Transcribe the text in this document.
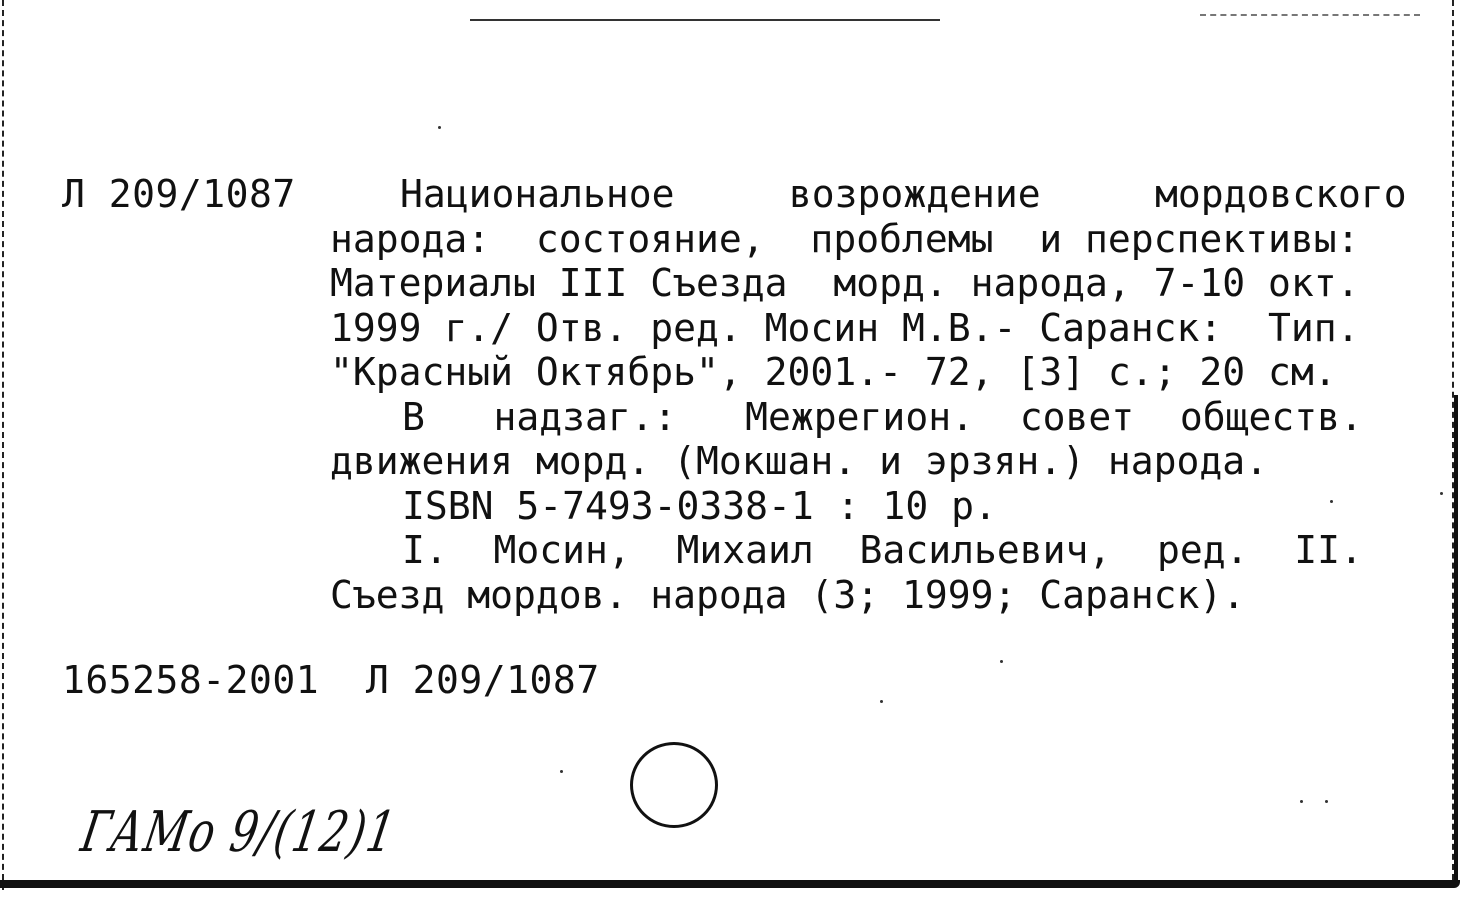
Л 209/1087	Национальное     возрождение     мордовского
народа:  состояние,  проблемы  и перспективы:
Материалы III Съезда  морд. народа, 7-10 окт.
1999 г./ Отв. ред. Мосин М.В.- Саранск:  Тип.
"Красный Октябрь", 2001.- 72, [3] с.; 20 см.
В   надзаг.:   Межрегион.  совет  обществ.
движения морд. (Мокшан. и эрзян.) народа.
ISBN 5-7493-0338-1 : 10 р.
I.  Мосин,  Михаил  Васильевич,  ред.  II.
Съезд мордов. народа (3; 1999; Саранск).
165258-2001  Л 209/1087
ГАМо 9/(12)1
